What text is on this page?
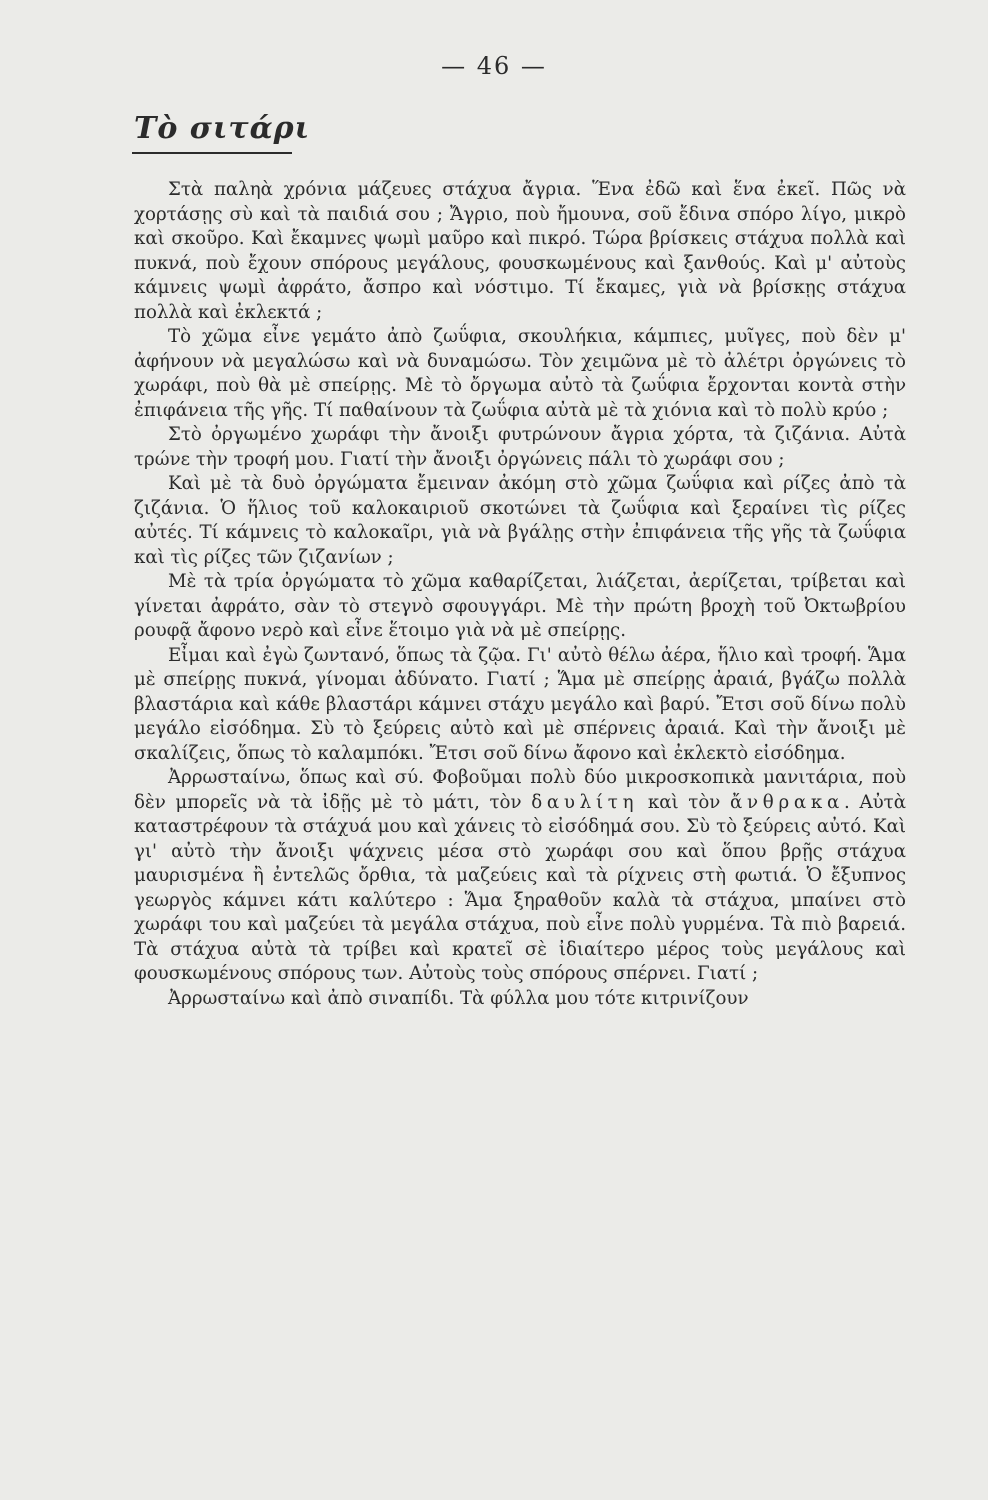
— 46 —
Τὸ σιτάρι

Στὰ παληὰ χρόνια μάζευες στάχυα ἄγρια. Ἕνα ἐδῶ καὶ ἕνα ἐκεῖ. Πῶς νὰ χορτάσῃς σὺ καὶ τὰ παιδιά σου ; Ἄγριο, ποὺ ἤμουνα, σοῦ ἔδινα σπόρο λίγο, μικρὸ καὶ σκοῦρο. Καὶ ἔκαμνες ψωμὶ μαῦρο καὶ πικρό. Τώρα βρίσκεις στάχυα πολλὰ καὶ πυκνά, ποὺ ἔχουν σπόρους μεγάλους, φουσκωμένους καὶ ξανθούς. Καὶ μ' αὐτοὺς κάμνεις ψωμὶ ἀφράτο, ἄσπρο καὶ νόστιμο. Τί ἔκαμες, γιὰ νὰ βρίσκῃς στάχυα πολλὰ καὶ ἐκλεκτά ;

Τὸ χῶμα εἶνε γεμάτο ἀπὸ ζωΰφια, σκουλήκια, κάμπιες, μυῖγες, ποὺ δὲν μ' ἀφήνουν νὰ μεγαλώσω καὶ νὰ δυναμώσω. Τὸν χειμῶνα μὲ τὸ ἀλέτρι ὀργώνεις τὸ χωράφι, ποὺ θὰ μὲ σπείρῃς. Μὲ τὸ ὄργωμα αὐτὸ τὰ ζωΰφια ἔρχονται κοντὰ στὴν ἐπιφάνεια τῆς γῆς. Τί παθαίνουν τὰ ζωΰφια αὐτὰ μὲ τὰ χιόνια καὶ τὸ πολὺ κρύο ;

Στὸ ὀργωμένο χωράφι τὴν ἄνοιξι φυτρώνουν ἄγρια χόρτα, τὰ ζιζάνια. Αὐτὰ τρώνε τὴν τροφή μου. Γιατί τὴν ἄνοιξι ὀργώνεις πάλι τὸ χωράφι σου ;

Καὶ μὲ τὰ δυὸ ὀργώματα ἔμειναν ἀκόμη στὸ χῶμα ζωΰφια καὶ ρίζες ἀπὸ τὰ ζιζάνια. Ὁ ἥλιος τοῦ καλοκαιριοῦ σκοτώνει τὰ ζωΰφια καὶ ξεραίνει τὶς ρίζες αὐτές. Τί κάμνεις τὸ καλοκαῖρι, γιὰ νὰ βγάλῃς στὴν ἐπιφάνεια τῆς γῆς τὰ ζωΰφια καὶ τὶς ρίζες τῶν ζιζανίων ;

Μὲ τὰ τρία ὀργώματα τὸ χῶμα καθαρίζεται, λιάζεται, ἀερίζεται, τρίβεται καὶ γίνεται ἀφράτο, σὰν τὸ στεγνὸ σφουγγάρι. Μὲ τὴν πρώτη βροχὴ τοῦ Ὀκτωβρίου ρουφᾷ ἄφονο νερὸ καὶ εἶνε ἕτοιμο γιὰ νὰ μὲ σπείρῃς.

Εἶμαι καὶ ἐγὼ ζωντανό, ὅπως τὰ ζῷα. Γι' αὐτὸ θέλω ἀέρα, ἥλιο καὶ τροφή. Ἅμα μὲ σπείρῃς πυκνά, γίνομαι ἀδύνατο. Γιατί ; Ἅμα μὲ σπείρῃς ἀραιά, βγάζω πολλὰ βλαστάρια καὶ κάθε βλαστάρι κάμνει στάχυ μεγάλο καὶ βαρύ. Ἔτσι σοῦ δίνω πολὺ μεγάλο εἰσόδημα. Σὺ τὸ ξεύρεις αὐτὸ καὶ μὲ σπέρνεις ἀραιά. Καὶ τὴν ἄνοιξι μὲ σκαλίζεις, ὅπως τὸ καλαμπόκι. Ἔτσι σοῦ δίνω ἄφονο καὶ ἐκλεκτὸ εἰσόδημα.

Ἀρρωσταίνω, ὅπως καὶ σύ. Φοβοῦμαι πολὺ δύο μικροσκοπικὰ μανιτάρια, ποὺ δὲν μπορεῖς νὰ τὰ ἰδῇς μὲ τὸ μάτι, τὸν δαυλίτη καὶ τὸν ἄνθρακα. Αὐτὰ καταστρέφουν τὰ στάχυά μου καὶ χάνεις τὸ εἰσόδημά σου. Σὺ τὸ ξεύρεις αὐτό. Καὶ γι' αὐτὸ τὴν ἄνοιξι ψάχνεις μέσα στὸ χωράφι σου καὶ ὅπου βρῇς στάχυα μαυρισμένα ἢ ἐντελῶς ὄρθια, τὰ μαζεύεις καὶ τὰ ρίχνεις στὴ φωτιά. Ὁ ἔξυπνος γεωργὸς κάμνει κάτι καλύτερο : Ἅμα ξηραθοῦν καλὰ τὰ στάχυα, μπαίνει στὸ χωράφι του καὶ μαζεύει τὰ μεγάλα στάχυα, ποὺ εἶνε πολὺ γυρμένα. Τὰ πιὸ βαρειά. Τὰ στάχυα αὐτὰ τὰ τρίβει καὶ κρατεῖ σὲ ἰδιαίτερο μέρος τοὺς μεγάλους καὶ φουσκωμένους σπόρους των. Αὐτοὺς τοὺς σπόρους σπέρνει. Γιατί ;

Ἀρρωσταίνω καὶ ἀπὸ σιναπίδι. Τὰ φύλλα μου τότε κιτρινίζουν
